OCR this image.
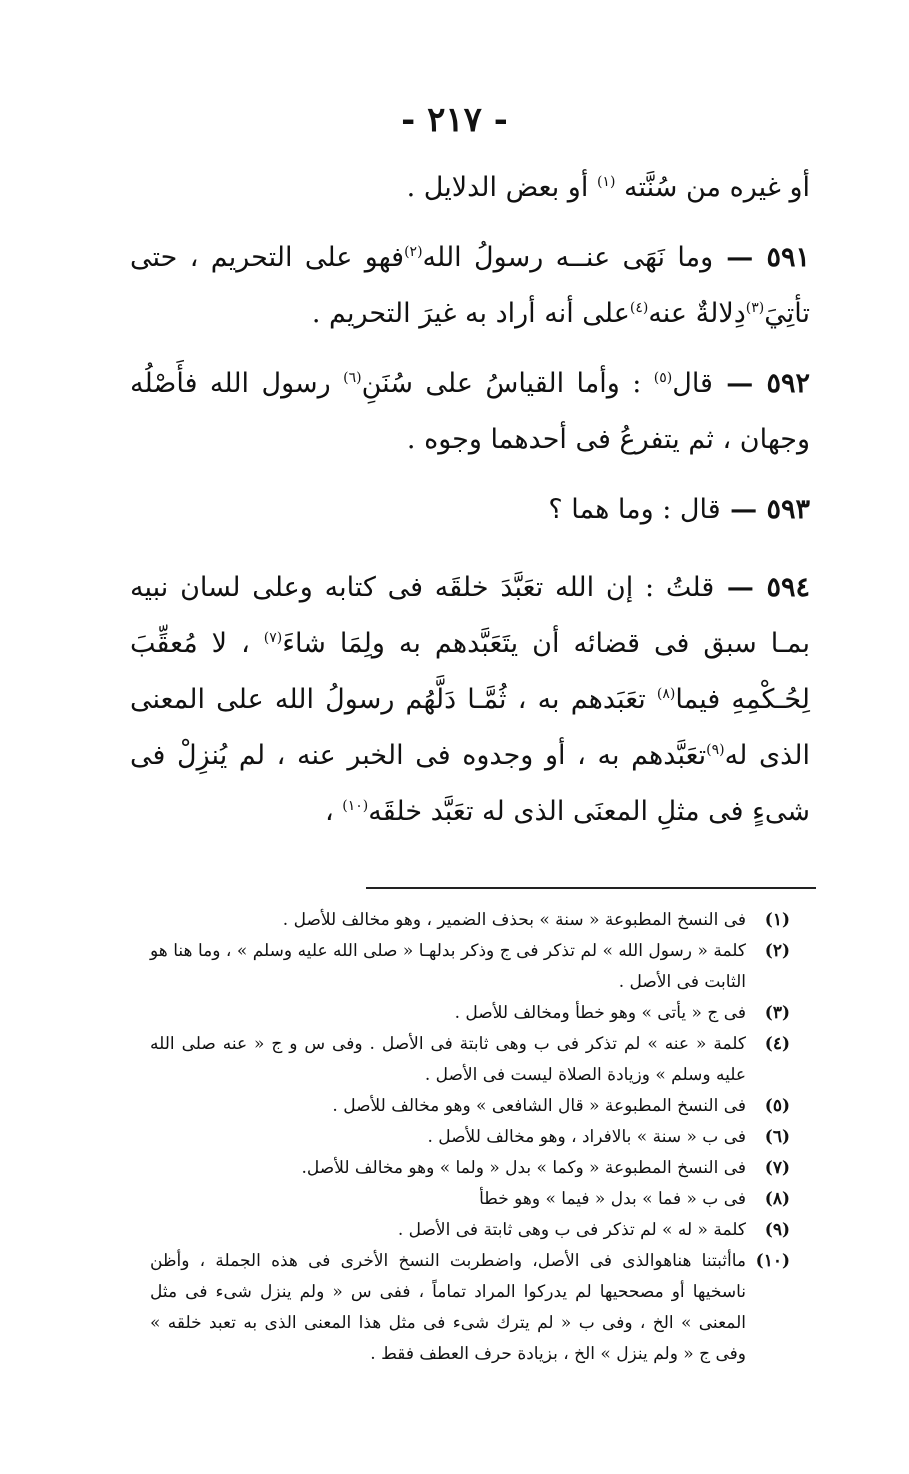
- ٢١٧ -

أو غيره من سُنَّته $^{(١)}$ أو بعض الدلايل .

٥٩١ — وما نَهَى عنــه رسولُ الله$^{(٢)}$فهو على التحريم ، حتى تأتِيَ$^{(٣)}$دِلالةٌ عنه$^{(٤)}$على أنه أراد به غيرَ التحريم .

٥٩٢ — قال$^{(٥)}$ : وأما القياسُ على سُنَنِ$^{(٦)}$ رسول الله فأَصْلُه وجهان ، ثم يتفرعُ فى أحدهما وجوه .

٥٩٣ — قال : وما هما ؟

٥٩٤ — قلتُ : إن الله تعَبَّدَ خلقَه فى كتابه وعلى لسان نبيه بمـا سبق فى قضائه أن يتَعَبَّدهم به ولِمَا شاءَ$^{(٧)}$ ، لا مُعقِّبَ لِحُـكْمِهِ فيما$^{(٨)}$ تعَبَدهم به ، ثُمَّـا دَلَّهُم رسولُ الله على المعنى الذى له$^{(٩)}$تعَبَّدهم به ، أو وجدوه فى الخبر عنه ، لم يُنزِلْ فى شىءٍ فى مثلِ المعنَى الذى له تعَبَّد خلقَه$^{(١٠)}$ ،

(١)
فى النسخ المطبوعة « سنة » بحذف الضمير ، وهو مخالف للأصل .
(٢)
كلمة « رسول الله » لم تذكر فى ج وذكر بدلهـا « صلى الله عليه وسلم » ، وما هنا هو الثابت فى الأصل .
(٣)
فى ج « يأتى » وهو خطأ ومخالف للأصل .
(٤)
كلمة « عنه » لم تذكر فى ب وهى ثابتة فى الأصل . وفى س و ج « عنه صلى الله عليه وسلم » وزيادة الصلاة ليست فى الأصل .
(٥)
فى النسخ المطبوعة « قال الشافعى » وهو مخالف للأصل .
(٦)
فى ب « سنة » بالافراد ، وهو مخالف للأصل .
(٧)
فى النسخ المطبوعة « وكما » بدل « ولما » وهو مخالف للأصل.
(٨)
فى ب « فما » بدل « فيما » وهو خطأ
(٩)
كلمة « له » لم تذكر فى ب وهى ثابتة فى الأصل .
(١٠)
ماأثبتنا هناهوالذى فى الأصل، واضطربت النسخ الأخرى فى هذه الجملة ، وأظن ناسخيها أو مصححيها لم يدركوا المراد تماماً ، ففى س « ولم ينزل شىء فى مثل المعنى » الخ ، وفى ب « لم يترك شىء فى مثل هذا المعنى الذى به تعبد خلقه » وفى ج « ولم ينزل » الخ ، بزيادة حرف العطف فقط .
